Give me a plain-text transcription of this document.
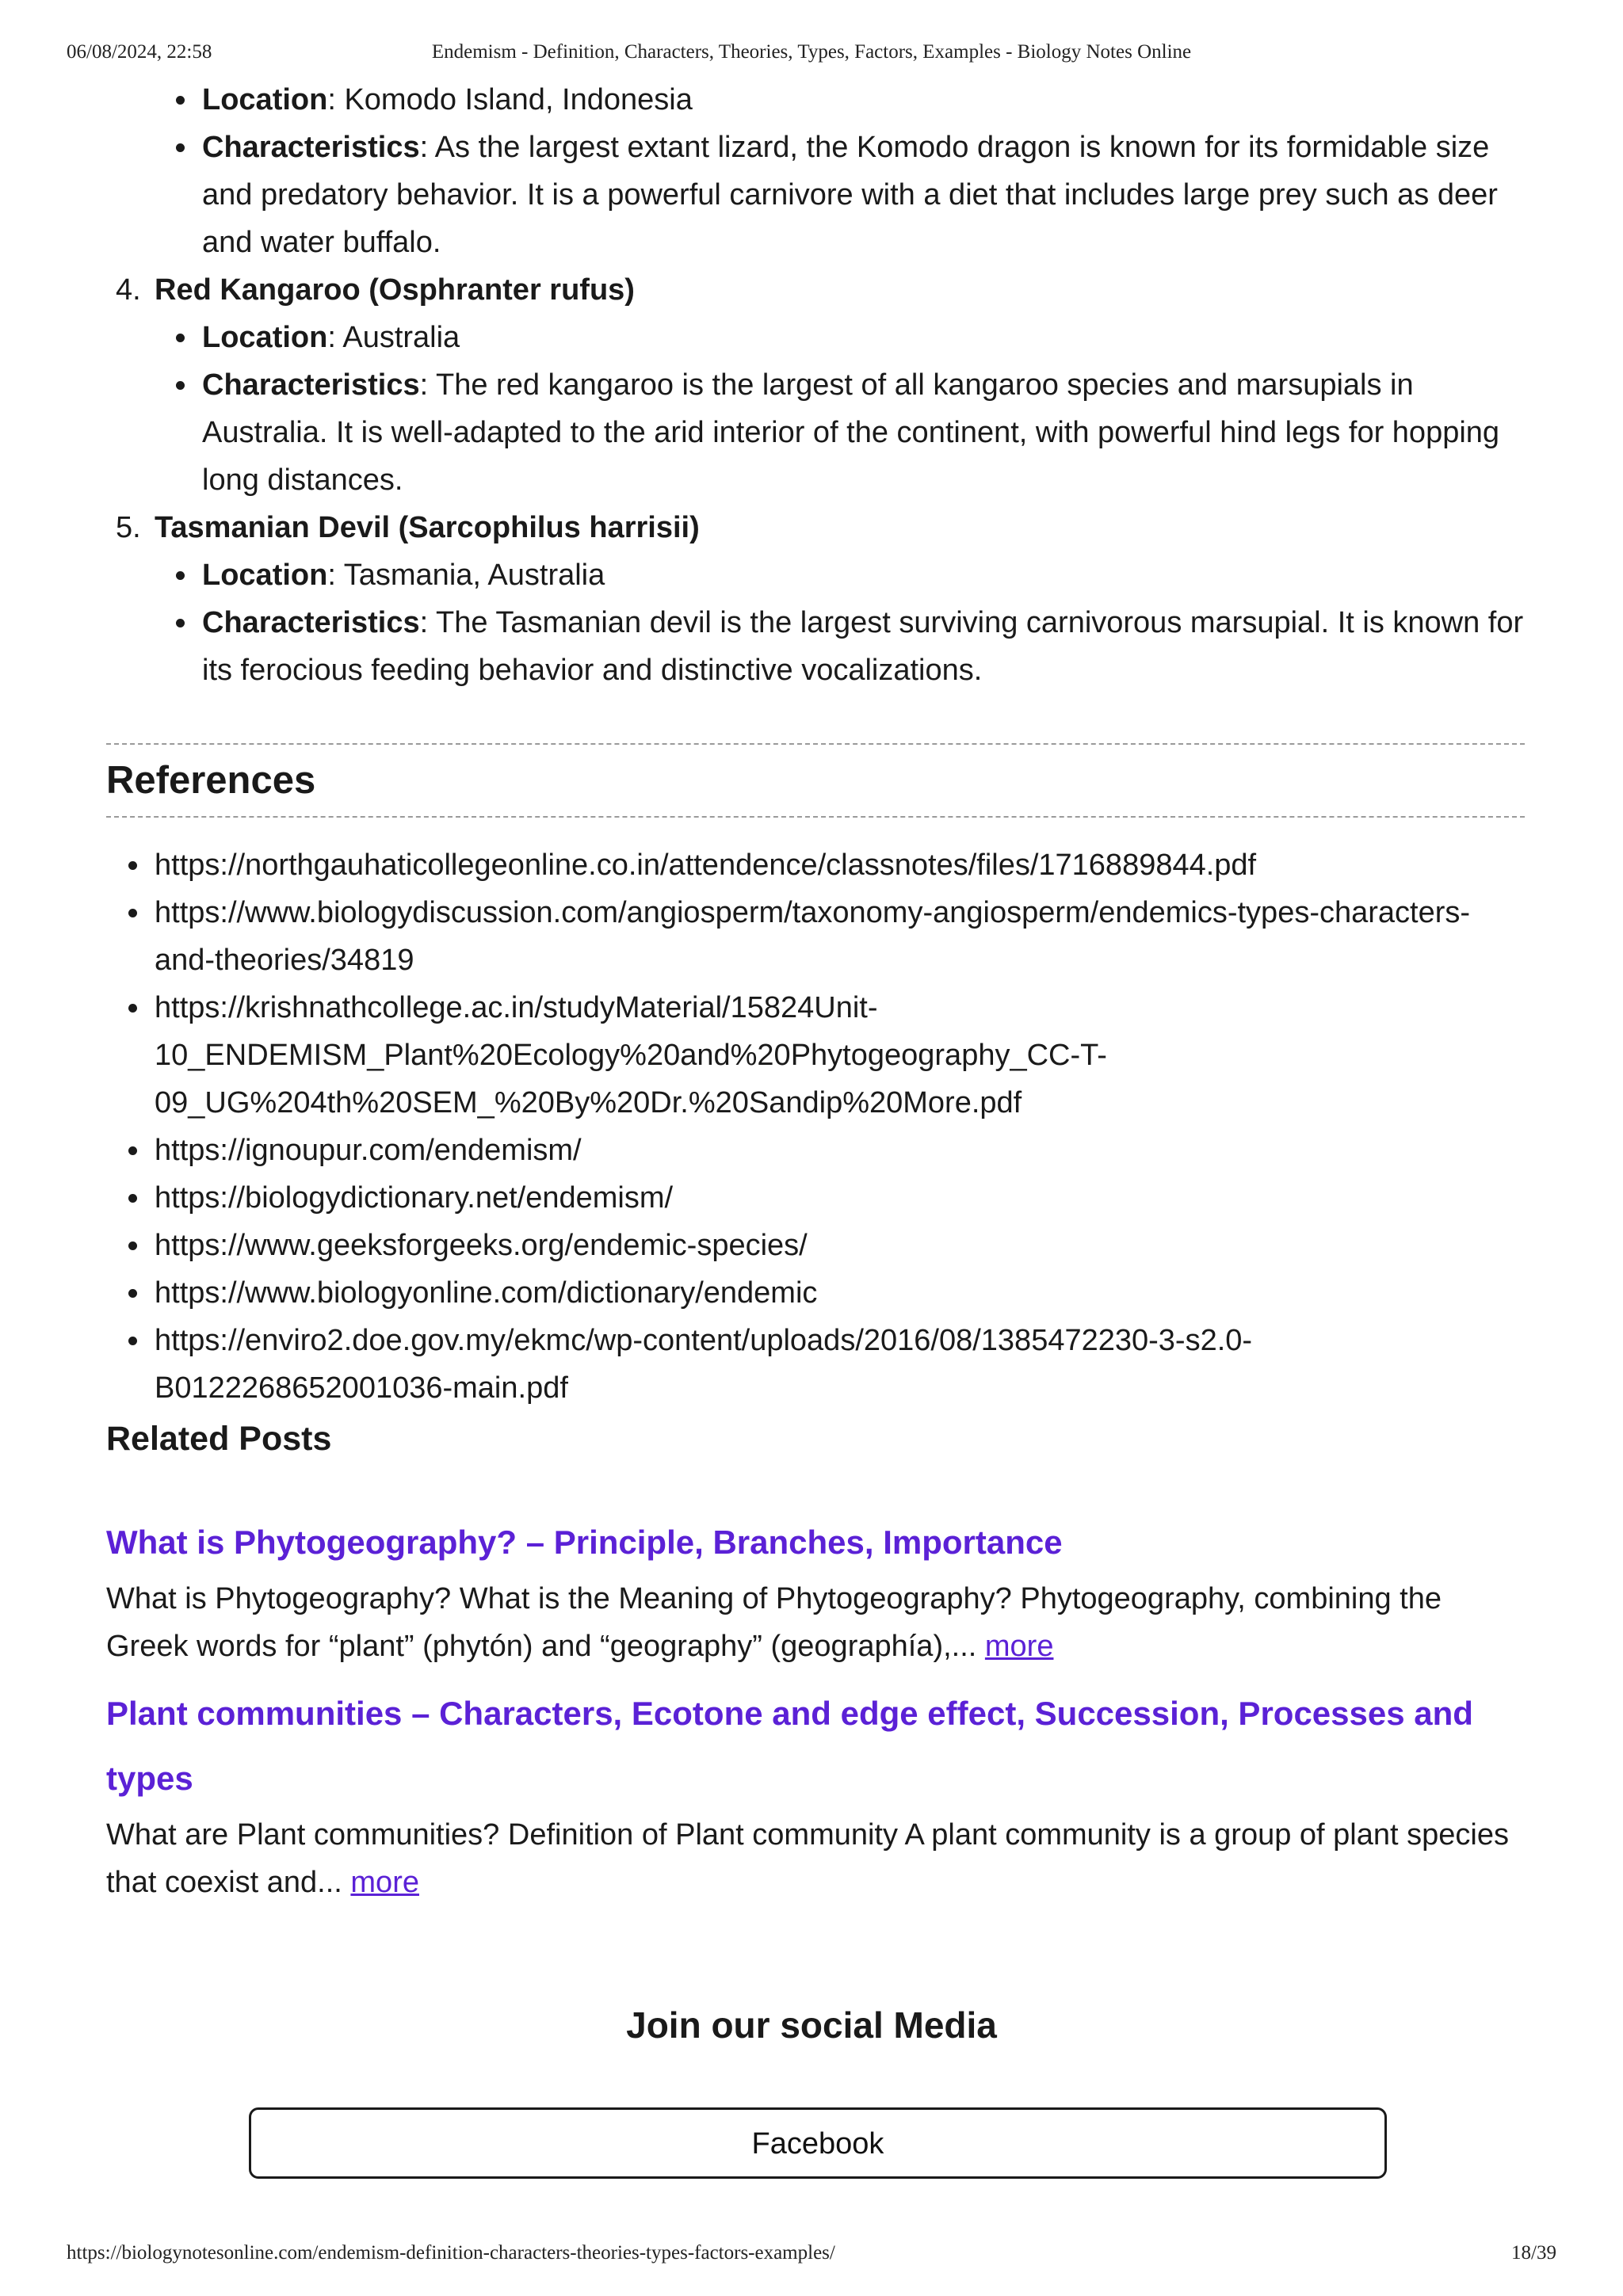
06/08/2024, 22:58	Endemism - Definition, Characters, Theories, Types, Factors, Examples - Biology Notes Online
Location: Komodo Island, Indonesia
Characteristics: As the largest extant lizard, the Komodo dragon is known for its formidable size and predatory behavior. It is a powerful carnivore with a diet that includes large prey such as deer and water buffalo.
4. Red Kangaroo (Osphranter rufus)
Location: Australia
Characteristics: The red kangaroo is the largest of all kangaroo species and marsupials in Australia. It is well-adapted to the arid interior of the continent, with powerful hind legs for hopping long distances.
5. Tasmanian Devil (Sarcophilus harrisii)
Location: Tasmania, Australia
Characteristics: The Tasmanian devil is the largest surviving carnivorous marsupial. It is known for its ferocious feeding behavior and distinctive vocalizations.
References
https://northgauhaticollegeonline.co.in/attendence/classnotes/files/1716889844.pdf
https://www.biologydiscussion.com/angiosperm/taxonomy-angiosperm/endemics-types-characters-and-theories/34819
https://krishnathcollege.ac.in/studyMaterial/15824Unit-10_ENDEMISM_Plant%20Ecology%20and%20Phytogeography_CC-T-09_UG%204th%20SEM_%20By%20Dr.%20Sandip%20More.pdf
https://ignoupur.com/endemism/
https://biologydictionary.net/endemism/
https://www.geeksforgeeks.org/endemic-species/
https://www.biologyonline.com/dictionary/endemic
https://enviro2.doe.gov.my/ekmc/wp-content/uploads/2016/08/1385472230-3-s2.0-B0122268652001036-main.pdf
Related Posts
What is Phytogeography? – Principle, Branches, Importance
What is Phytogeography? What is the Meaning of Phytogeography? Phytogeography, combining the Greek words for “plant” (phytón) and “geography” (geographía),... more
Plant communities – Characters, Ecotone and edge effect, Succession, Processes and types
What are Plant communities? Definition of Plant community A plant community is a group of plant species that coexist and... more
Join our social Media
Facebook
https://biologynotesonline.com/endemism-definition-characters-theories-types-factors-examples/	18/39
